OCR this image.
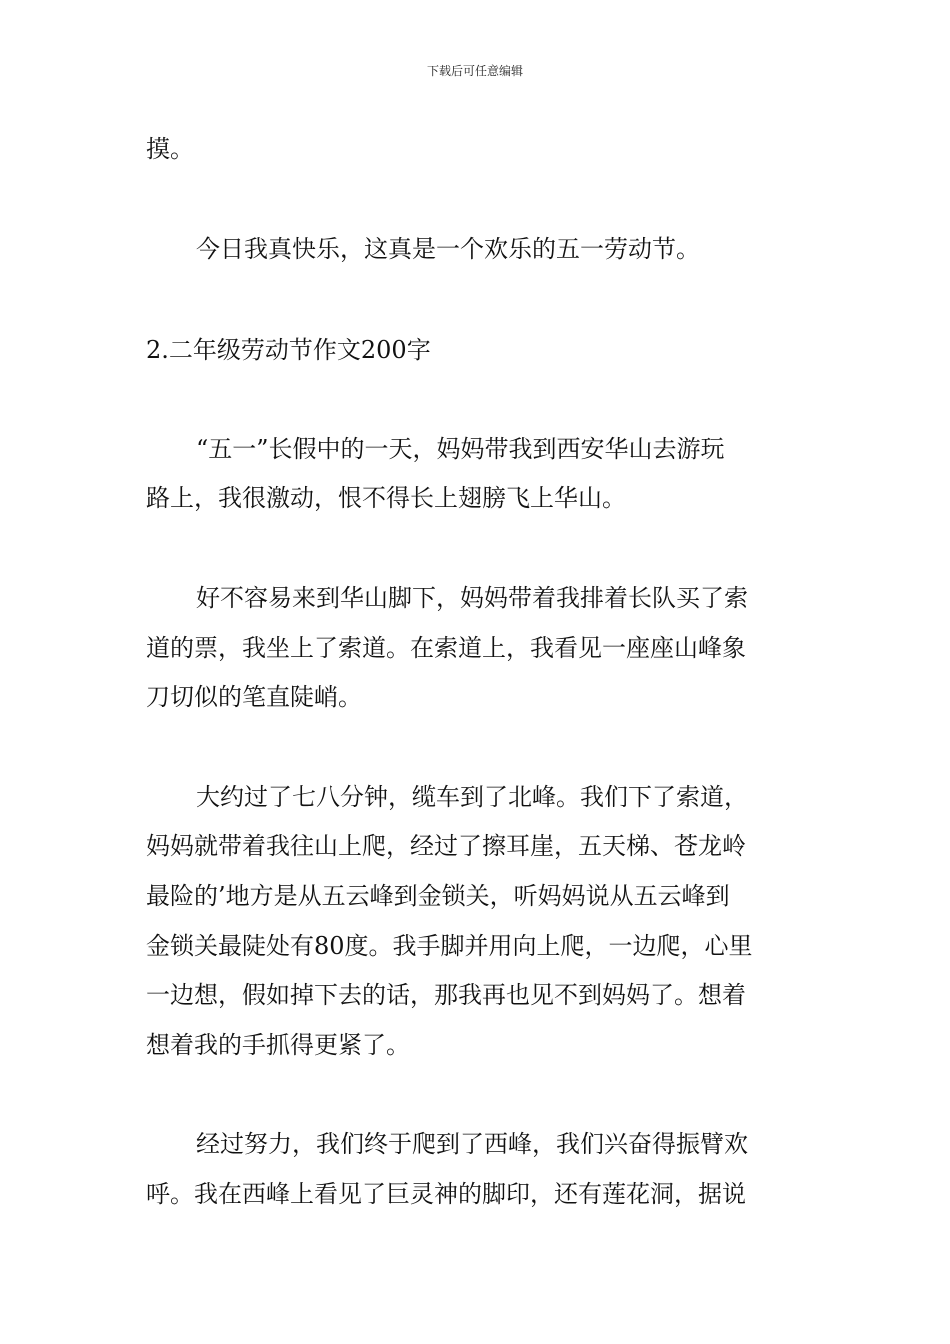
下载后可任意编辑
摸。
今日我真快乐，这真是一个欢乐的五一劳动节。
2.二年级劳动节作文200字
“五一”长假中的一天，妈妈带我到西安华山去游玩
路上，我很激动，恨不得长上翅膀飞上华山。
好不容易来到华山脚下，妈妈带着我排着长队买了索
道的票，我坐上了索道。在索道上，我看见一座座山峰象
刀切似的笔直陡峭。
大约过了七八分钟，缆车到了北峰。我们下了索道，
妈妈就带着我往山上爬，经过了擦耳崖，五天梯、苍龙岭
最险的’地方是从五云峰到金锁关，听妈妈说从五云峰到
金锁关最陡处有80度。我手脚并用向上爬，一边爬，心里
一边想，假如掉下去的话，那我再也见不到妈妈了。想着
想着我的手抓得更紧了。
经过努力，我们终于爬到了西峰，我们兴奋得振臂欢
呼。我在西峰上看见了巨灵神的脚印，还有莲花洞，据说
